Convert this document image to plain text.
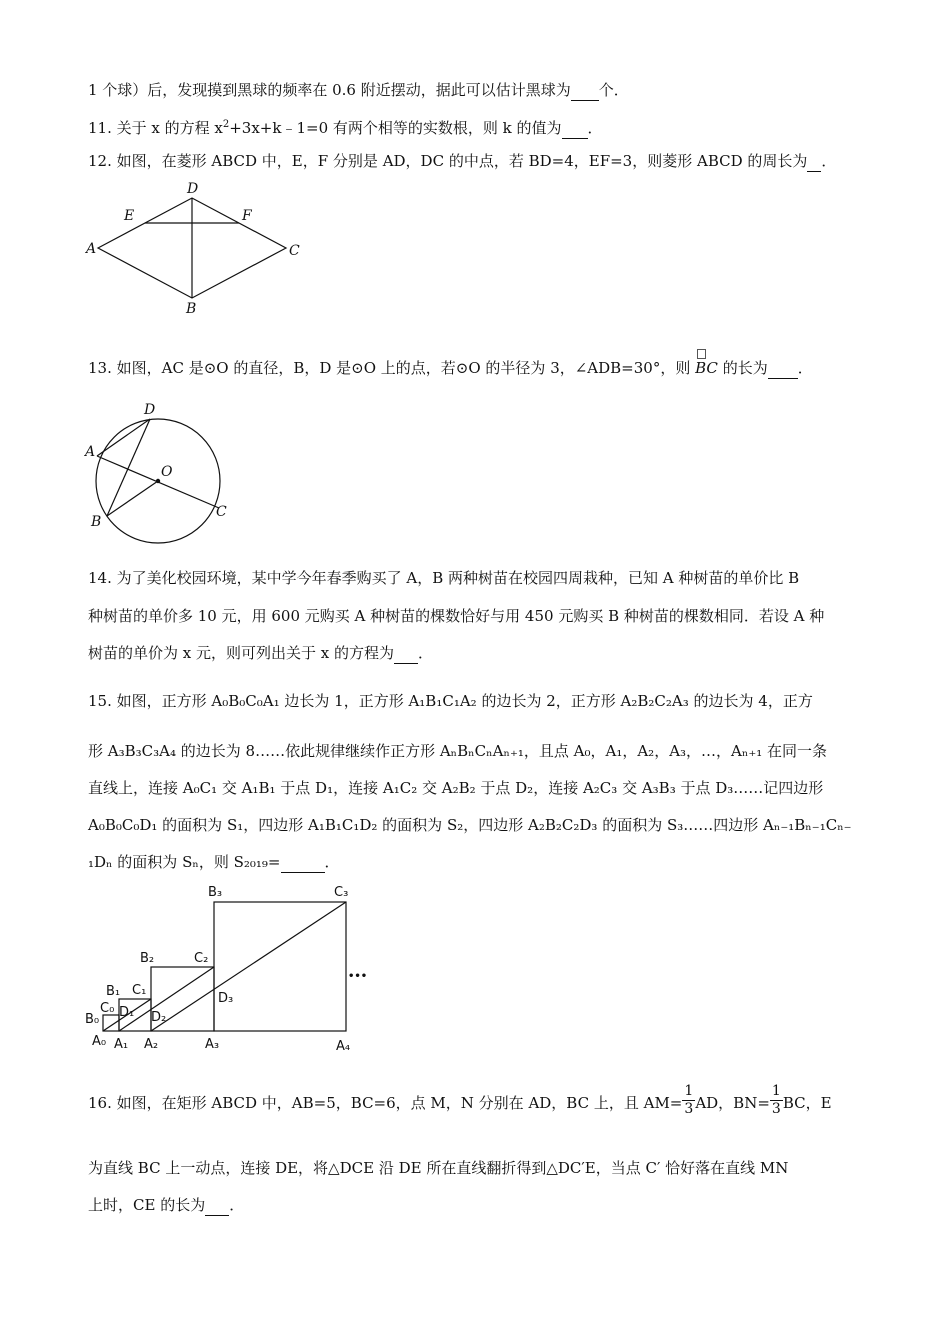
1 个球）后，发现摸到黑球的频率在 0.6 附近摆动，据此可以估计黑球为 个．
11. 关于 x 的方程 $x^2+3x+k﹣1=0$ 有两个相等的实数根，则 k 的值为 ．
12. 如图，在菱形 ABCD 中，E，F 分别是 AD，DC 的中点，若 BD=4，EF=3，则菱形 ABCD 的周长为 ．
D
E	F
A	C
B
13. 如图，AC 是⊙O 的直径，B，D 是⊙O 上的点，若⊙O 的半径为 3，∠ADB=30°，则 BC 的长为 ．
D
A
O
B
C
14. 为了美化校园环境，某中学今年春季购买了 A，B 两种树苗在校园四周栽种，已知 A 种树苗的单价比 B
种树苗的单价多 10 元，用 600 元购买 A 种树苗的棵数恰好与用 450 元购买 B 种树苗的棵数相同．若设 A 种
树苗的单价为 x 元，则可列出关于 x 的方程为 ．
15. 如图，正方形 A₀B₀C₀A₁ 边长为 1，正方形 A₁B₁C₁A₂ 的边长为 2，正方形 A₂B₂C₂A₃ 的边长为 4，正方
形 A₃B₃C₃A₄ 的边长为 8……依此规律继续作正方形 AₙBₙCₙAₙ₊₁，且点 A₀，A₁，A₂，A₃，…，Aₙ₊₁ 在同一条
直线上，连接 A₀C₁ 交 A₁B₁ 于点 D₁，连接 A₁C₂ 交 A₂B₂ 于点 D₂，连接 A₂C₃ 交 A₃B₃ 于点 D₃……记四边形
A₀B₀C₀D₁ 的面积为 S₁，四边形 A₁B₁C₁D₂ 的面积为 S₂，四边形 A₂B₂C₂D₃ 的面积为 S₃……四边形 Aₙ₋₁Bₙ₋₁Cₙ₋
₁Dₙ 的面积为 Sₙ，则 S₂₀₁₉=	．
B₃	C₃
B₂	C₂
D₃
B₁ C₁
C₀ D₁
B₀	D₂
A₀ A₁ A₂	A₃	A₄
•••
16. 如图，在矩形 ABCD 中，AB=5，BC=6，点 M，N 分别在 AD，BC 上，且 $AM= \frac{1}{3}$ AD，$BN= \frac{1}{3}$ BC，E
为直线 BC 上一动点，连接 DE，将△DCE 沿 DE 所在直线翻折得到△DC′E，当点 C′ 恰好落在直线 MN
上时，CE 的长为 ．
